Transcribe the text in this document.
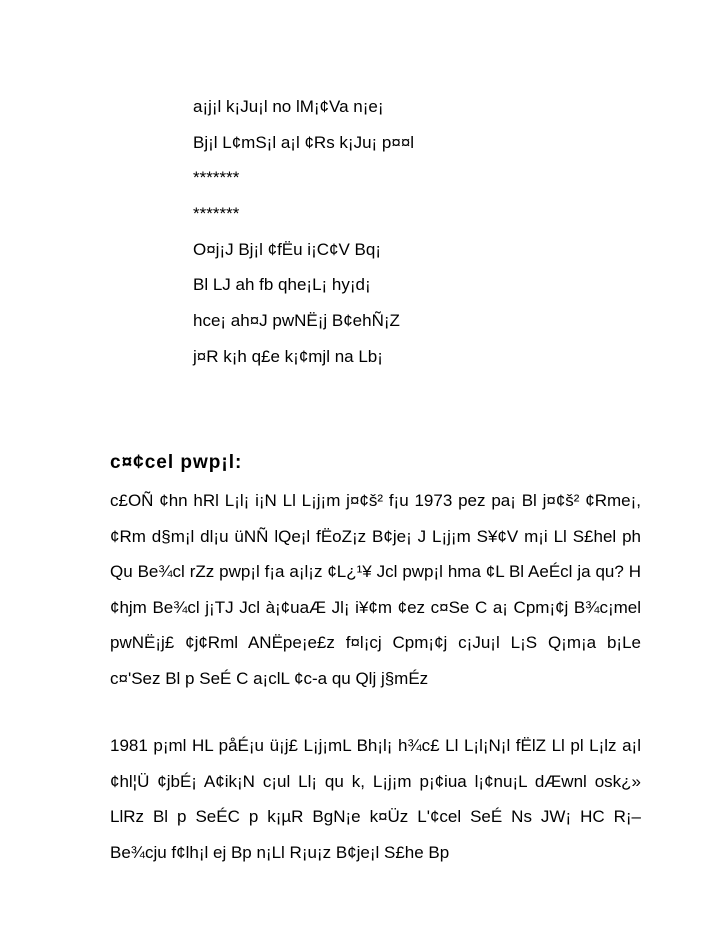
a¡j¡l k¡Ju¡l no lM¡¢Va n¡e¡
Bj¡l L¢mS¡l a¡l ¢Rs k¡Ju¡ p¤¤l
*******
*******
O¤j¡J Bj¡l ¢fËu i¡C¢V Bq¡
Bl LJ ah fb qhe¡L¡ hy¡d¡
hce¡ ah¤J pwNË¡j B¢ehÑ¡Z
j¤R k¡h q£e k¡¢mjl na Lb¡
c¤¢cel pwp¡l:

c£OÑ ¢hn hRl L¡l¡ i¡N Ll L¡j¡m j¤¢š² f¡u 1973 pez pa¡ Bl j¤¢š² ¢Rme¡, ¢Rm d§m¡l dl¡u üNÑ lQe¡l fËoZ¡z B¢je¡ J L¡j¡m S¥¢V m¡i Ll S£hel ph Qu Be¾cl rZz pwp¡l f¡a a¡l¡z ¢L¿¹¥ Jcl pwp¡l hma ¢L Bl AeÉcl ja qu? H ¢hjm Be¾cl j¡TJ Jcl à¡¢uaÆ Jl¡ i¥¢m ¢ez c¤Se C a¡ Cpm¡¢j B¾c¡mel pwNË¡j£ ¢j¢Rml ANËpe¡e£z f¤l¡cj Cpm¡¢j c¡Ju¡l L¡S Q¡m¡a b¡Le c¤'Sez Bl p SeÉ C a¡clL ¢c-a qu Qlj j§mÉz

1981 p¡ml HL påÉ¡u ü¡j£ L¡j¡mL Bh¡l¡ h¾c£ Ll L¡l¡N¡l fËlZ Ll pl L¡lz a¡l ¢hl¦Ü ¢jbÉ¡ A¢ik¡N c¡ul Ll¡ qu k, L¡j¡m p¡¢iua l¡¢nu¡L dÆwnl osk¿» LlRz Bl p SeÉC p k¡µR BgN¡e k¤Üz L'¢cel SeÉ Ns JW¡ HC R¡– Be¾cju f¢lh¡l ej Bp n¡Ll R¡u¡z B¢je¡l S£he Bp
